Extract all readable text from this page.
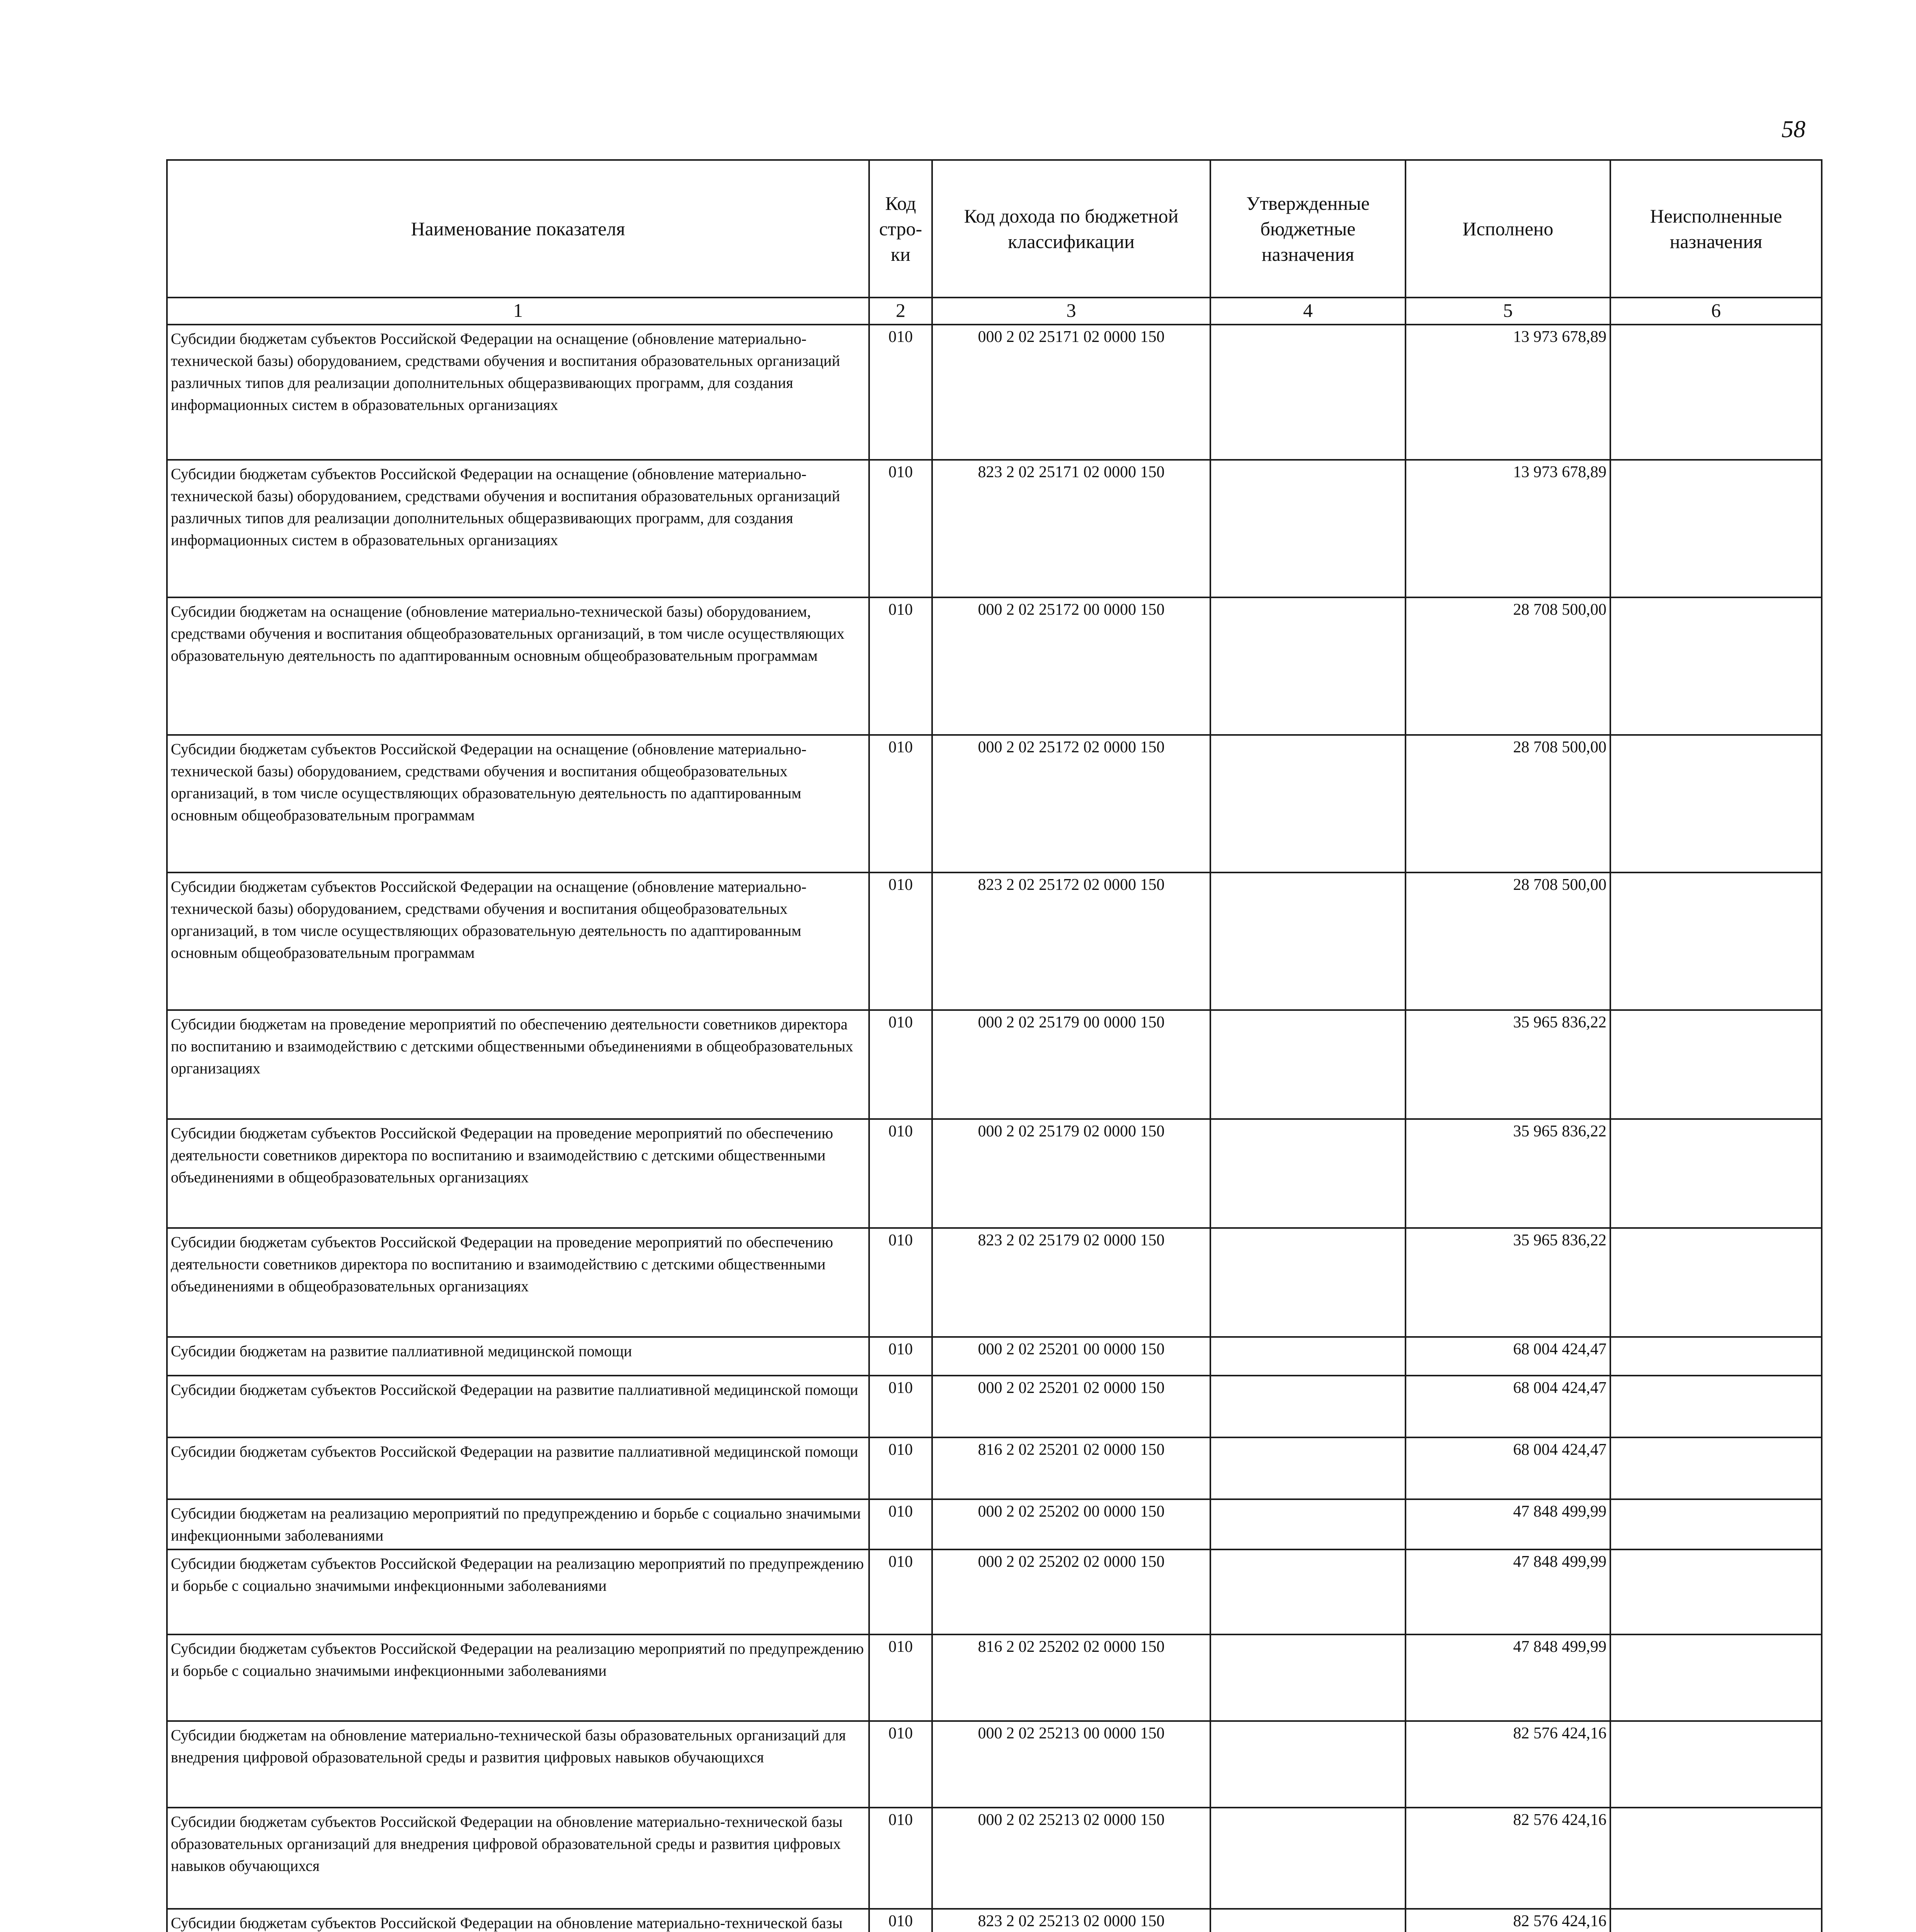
58
Наименование показателя	Код стро-ки	Код дохода по бюджетной классификации	Утвержденные бюджетные назначения	Исполнено	Неисполненные назначения
1	2	3	4	5	6
Субсидии бюджетам субъектов Российской Федерации на оснащение (обновление материально-технической базы) оборудованием, средствами обучения и воспитания образовательных организаций различных типов для реализации дополнительных общеразвивающих программ, для создания информационных систем в образовательных организациях	010	000 2 02 25171 02 0000 150		13 973 678,89	
Субсидии бюджетам субъектов Российской Федерации на оснащение (обновление материально-технической базы) оборудованием, средствами обучения и воспитания образовательных организаций различных типов для реализации дополнительных общеразвивающих программ, для создания информационных систем в образовательных организациях	010	823 2 02 25171 02 0000 150		13 973 678,89	
Субсидии бюджетам на оснащение (обновление материально-технической базы) оборудованием, средствами обучения и воспитания общеобразовательных организаций, в том числе осуществляющих образовательную деятельность по адаптированным основным общеобразовательным программам	010	000 2 02 25172 00 0000 150		28 708 500,00	
Субсидии бюджетам субъектов Российской Федерации на оснащение (обновление материально-технической базы) оборудованием, средствами обучения и воспитания общеобразовательных организаций, в том числе осуществляющих образовательную деятельность по адаптированным основным общеобразовательным программам	010	000 2 02 25172 02 0000 150		28 708 500,00	
Субсидии бюджетам субъектов Российской Федерации на оснащение (обновление материально-технической базы) оборудованием, средствами обучения и воспитания общеобразовательных организаций, в том числе осуществляющих образовательную деятельность по адаптированным основным общеобразовательным программам	010	823 2 02 25172 02 0000 150		28 708 500,00	
Субсидии бюджетам на проведение мероприятий по обеспечению деятельности советников директора по воспитанию и взаимодействию с детскими общественными объединениями в общеобразовательных организациях	010	000 2 02 25179 00 0000 150		35 965 836,22	
Субсидии бюджетам субъектов Российской Федерации на проведение мероприятий по обеспечению деятельности советников директора по воспитанию и взаимодействию с детскими общественными объединениями в общеобразовательных организациях	010	000 2 02 25179 02 0000 150		35 965 836,22	
Субсидии бюджетам субъектов Российской Федерации на проведение мероприятий по обеспечению деятельности советников директора по воспитанию и взаимодействию с детскими общественными объединениями в общеобразовательных организациях	010	823 2 02 25179 02 0000 150		35 965 836,22	
Субсидии бюджетам на развитие паллиативной медицинской помощи	010	000 2 02 25201 00 0000 150		68 004 424,47	
Субсидии бюджетам субъектов Российской Федерации на развитие паллиативной медицинской помощи	010	000 2 02 25201 02 0000 150		68 004 424,47	
Субсидии бюджетам субъектов Российской Федерации на развитие паллиативной медицинской помощи	010	816 2 02 25201 02 0000 150		68 004 424,47	
Субсидии бюджетам на реализацию мероприятий по предупреждению и борьбе с социально значимыми инфекционными заболеваниями	010	000 2 02 25202 00 0000 150		47 848 499,99	
Субсидии бюджетам субъектов Российской Федерации на реализацию мероприятий по предупреждению и борьбе с социально значимыми инфекционными заболеваниями	010	000 2 02 25202 02 0000 150		47 848 499,99	
Субсидии бюджетам субъектов Российской Федерации на реализацию мероприятий по предупреждению и борьбе с социально значимыми инфекционными заболеваниями	010	816 2 02 25202 02 0000 150		47 848 499,99	
Субсидии бюджетам на обновление материально-технической базы образовательных организаций для внедрения цифровой образовательной среды и развития цифровых навыков обучающихся	010	000 2 02 25213 00 0000 150		82 576 424,16	
Субсидии бюджетам субъектов Российской Федерации на обновление материально-технической базы образовательных организаций для внедрения цифровой образовательной среды и развития цифровых навыков обучающихся	010	000 2 02 25213 02 0000 150		82 576 424,16	
Субсидии бюджетам субъектов Российской Федерации на обновление материально-технической базы	010	823 2 02 25213 02 0000 150		82 576 424,16	
